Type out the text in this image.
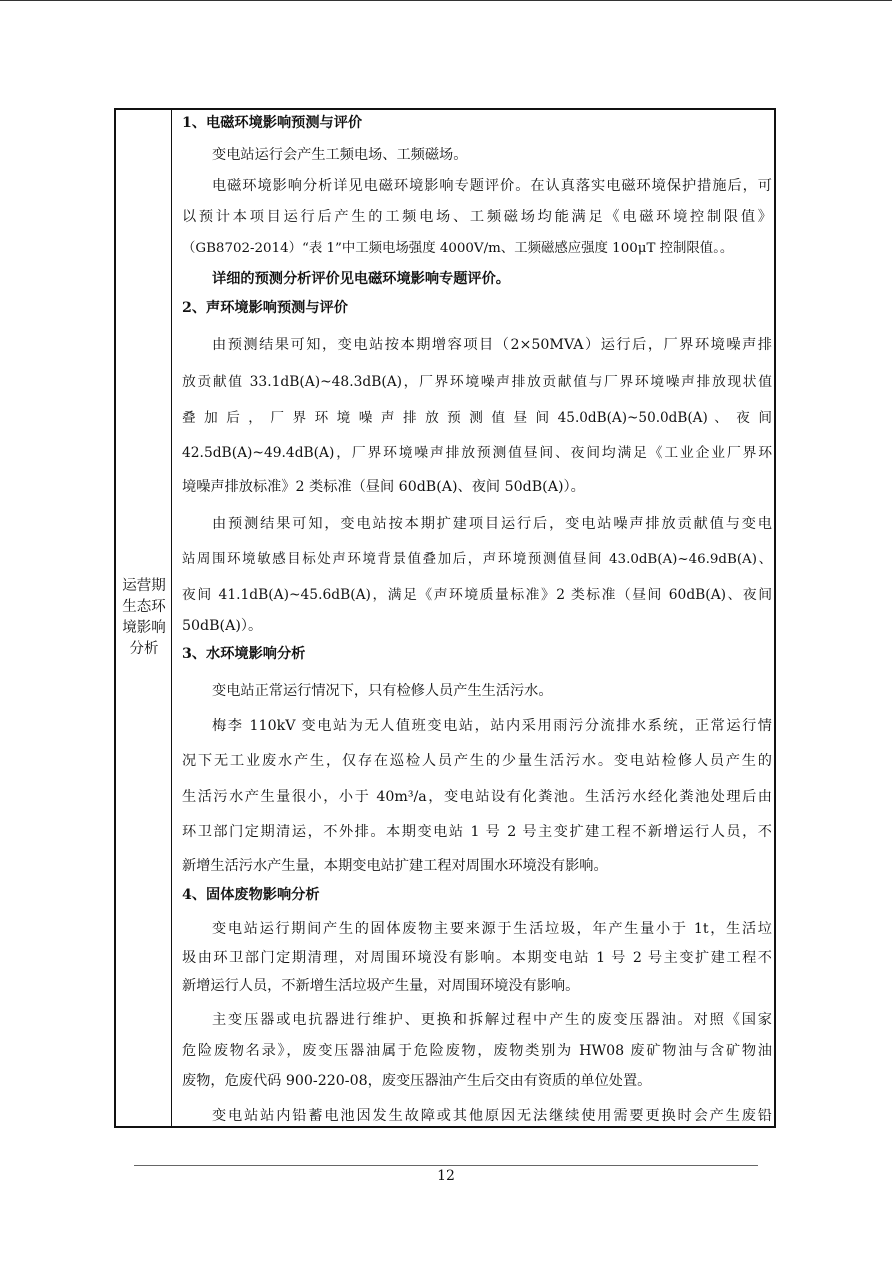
运营期
生态环
境影响
分析
1、电磁环境影响预测与评价
变电站运行会产生工频电场、工频磁场。
电磁环境影响分析详见电磁环境影响专题评价。在认真落实电磁环境保护措施后，可
以预计本项目运行后产生的工频电场、工频磁场均能满足《电磁环境控制限值》
（GB8702-2014）“表 1”中工频电场强度 4000V/m、工频磁感应强度 100μT 控制限值。。
详细的预测分析评价见电磁环境影响专题评价。
2、声环境影响预测与评价
由预测结果可知，变电站按本期增容项目（2×50MVA）运行后，厂界环境噪声排
放贡献值 33.1dB(A)~48.3dB(A)，厂界环境噪声排放贡献值与厂界环境噪声排放现状值
叠 加 后 ， 厂 界 环 境 噪 声 排 放 预 测 值 昼 间 45.0dB(A)~50.0dB(A) 、 夜 间
42.5dB(A)~49.4dB(A)，厂界环境噪声排放预测值昼间、夜间均满足《工业企业厂界环
境噪声排放标准》2 类标准（昼间 60dB(A)、夜间 50dB(A)）。
由预测结果可知，变电站按本期扩建项目运行后，变电站噪声排放贡献值与变电
站周围环境敏感目标处声环境背景值叠加后，声环境预测值昼间 43.0dB(A)~46.9dB(A)、
夜间 41.1dB(A)~45.6dB(A)，满足《声环境质量标准》2 类标准（昼间 60dB(A)、夜间
50dB(A)）。
3、水环境影响分析
变电站正常运行情况下，只有检修人员产生生活污水。
梅李 110kV 变电站为无人值班变电站，站内采用雨污分流排水系统，正常运行情
况下无工业废水产生，仅存在巡检人员产生的少量生活污水。变电站检修人员产生的
生活污水产生量很小，小于 40m³/a，变电站设有化粪池。生活污水经化粪池处理后由
环卫部门定期清运，不外排。本期变电站 1 号 2 号主变扩建工程不新增运行人员，不
新增生活污水产生量，本期变电站扩建工程对周围水环境没有影响。
4、固体废物影响分析
变电站运行期间产生的固体废物主要来源于生活垃圾，年产生量小于 1t，生活垃
圾由环卫部门定期清理，对周围环境没有影响。本期变电站 1 号 2 号主变扩建工程不
新增运行人员，不新增生活垃圾产生量，对周围环境没有影响。
主变压器或电抗器进行维护、更换和拆解过程中产生的废变压器油。对照《国家
危险废物名录》，废变压器油属于危险废物，废物类别为 HW08 废矿物油与含矿物油
废物，危废代码 900-220-08，废变压器油产生后交由有资质的单位处置。
变电站站内铅蓄电池因发生故障或其他原因无法继续使用需要更换时会产生废铅
12
